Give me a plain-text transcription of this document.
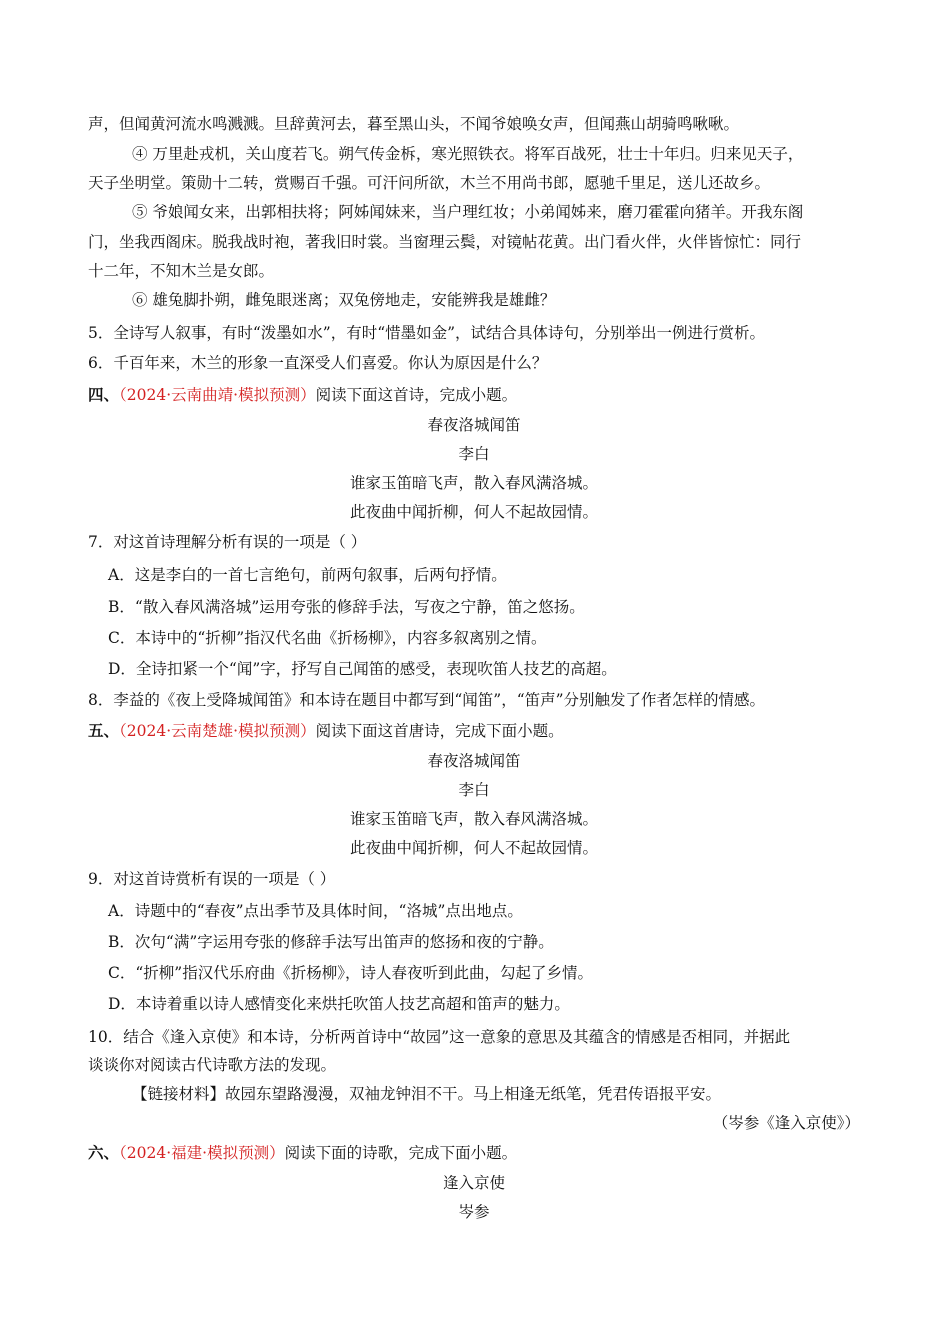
声，但闻黄河流水鸣溅溅。旦辞黄河去，暮至黑山头，不闻爷娘唤女声，但闻燕山胡骑鸣啾啾。
④ 万里赴戎机，关山度若飞。朔气传金柝，寒光照铁衣。将军百战死，壮士十年归。归来见天子，
天子坐明堂。策勋十二转，赏赐百千强。可汗问所欲，木兰不用尚书郎，愿驰千里足，送儿还故乡。
⑤ 爷娘闻女来，出郭相扶将；阿姊闻妹来，当户理红妆；小弟闻姊来，磨刀霍霍向猪羊。开我东阁
门，坐我西阁床。脱我战时袍，著我旧时裳。当窗理云鬓，对镜帖花黄。出门看火伴，火伴皆惊忙：同行
十二年，不知木兰是女郎。
⑥ 雄兔脚扑朔，雌兔眼迷离；双兔傍地走，安能辨我是雄雌？
5．全诗写人叙事，有时“泼墨如水”，有时“惜墨如金”，试结合具体诗句，分别举出一例进行赏析。
6．千百年来，木兰的形象一直深受人们喜爱。你认为原因是什么？
四、（2024·云南曲靖·模拟预测）阅读下面这首诗，完成小题。
春夜洛城闻笛
李白
谁家玉笛暗飞声，散入春风满洛城。
此夜曲中闻折柳，何人不起故园情。
7．对这首诗理解分析有误的一项是（ ）
A．这是李白的一首七言绝句，前两句叙事，后两句抒情。
B．“散入春风满洛城”运用夸张的修辞手法，写夜之宁静，笛之悠扬。
C．本诗中的“折柳”指汉代名曲《折杨柳》，内容多叙离别之情。
D．全诗扣紧一个“闻”字，抒写自己闻笛的感受，表现吹笛人技艺的高超。
8．李益的《夜上受降城闻笛》和本诗在题目中都写到“闻笛”，“笛声”分别触发了作者怎样的情感。
五、（2024·云南楚雄·模拟预测）阅读下面这首唐诗，完成下面小题。
春夜洛城闻笛
李白
谁家玉笛暗飞声，散入春风满洛城。
此夜曲中闻折柳，何人不起故园情。
9．对这首诗赏析有误的一项是（ ）
A．诗题中的“春夜”点出季节及具体时间，“洛城”点出地点。
B．次句“满”字运用夸张的修辞手法写出笛声的悠扬和夜的宁静。
C．“折柳”指汉代乐府曲《折杨柳》，诗人春夜听到此曲，勾起了乡情。
D．本诗着重以诗人感情变化来烘托吹笛人技艺高超和笛声的魅力。
10．结合《逢入京使》和本诗，分析两首诗中“故园”这一意象的意思及其蕴含的情感是否相同，并据此
谈谈你对阅读古代诗歌方法的发现。
【链接材料】故园东望路漫漫，双袖龙钟泪不干。马上相逢无纸笔，凭君传语报平安。
（岑参《逢入京使》）
六、（2024·福建·模拟预测）阅读下面的诗歌，完成下面小题。
逢入京使
岑参
